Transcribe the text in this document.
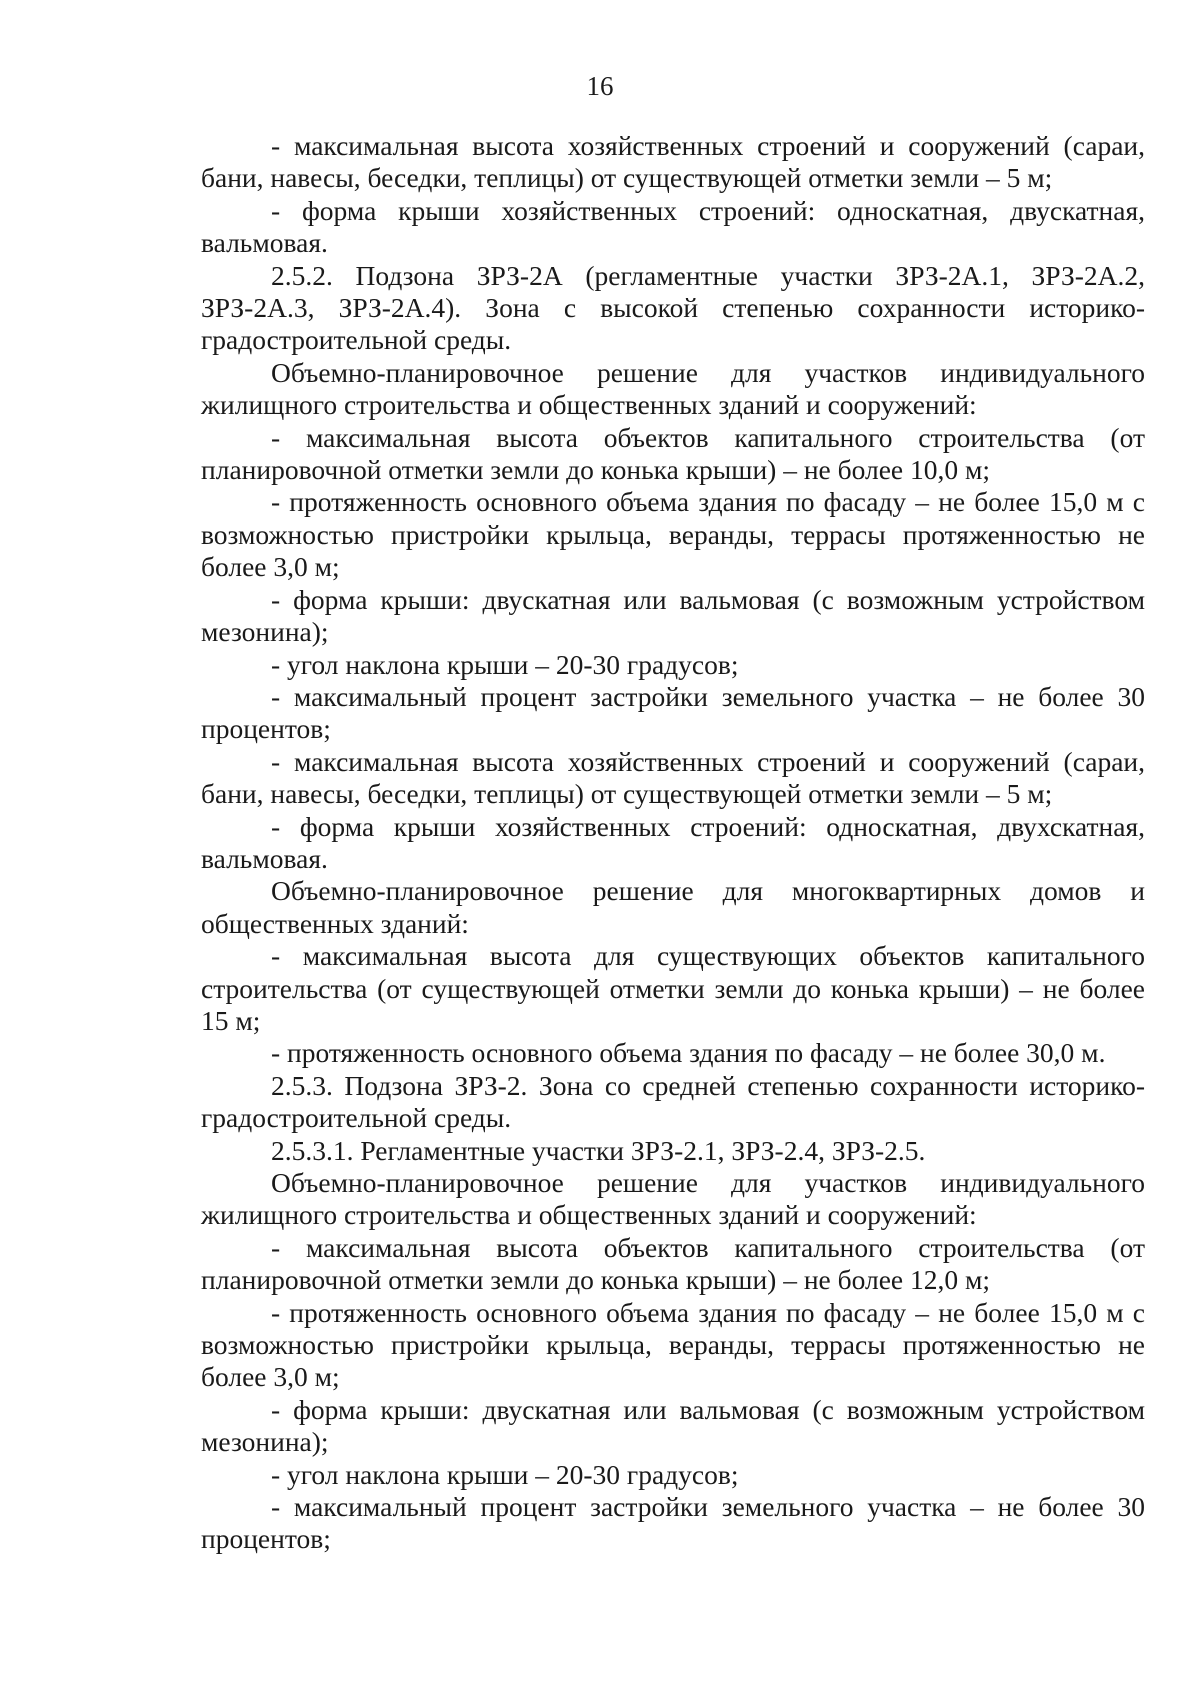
16

- максимальная высота хозяйственных строений и сооружений (сараи, бани, навесы, беседки, теплицы) от существующей отметки земли – 5 м;

- форма крыши хозяйственных строений: односкатная, двускатная, вальмовая.

2.5.2. Подзона ЗРЗ-2А (регламентные участки ЗРЗ-2А.1, ЗРЗ-2А.2, ЗРЗ-2А.3, ЗРЗ-2А.4). Зона с высокой степенью сохранности историко-градостроительной среды.

Объемно-планировочное решение для участков индивидуального жилищного строительства и общественных зданий и сооружений:

- максимальная высота объектов капитального строительства (от планировочной отметки земли до конька крыши) – не более 10,0 м;

- протяженность основного объема здания по фасаду – не более 15,0 м с возможностью пристройки крыльца, веранды, террасы протяженностью не более 3,0 м;

- форма крыши: двускатная или вальмовая (с возможным устройством мезонина);

- угол наклона крыши – 20-30 градусов;

- максимальный процент застройки земельного участка – не более 30 процентов;

- максимальная высота хозяйственных строений и сооружений (сараи, бани, навесы, беседки, теплицы) от существующей отметки земли – 5 м;

- форма крыши хозяйственных строений: односкатная, двухскатная, вальмовая.

Объемно-планировочное решение для многоквартирных домов и общественных зданий:

- максимальная высота для существующих объектов капитального строительства (от существующей отметки земли до конька крыши) – не более 15 м;

- протяженность основного объема здания по фасаду – не более 30,0 м.

2.5.3. Подзона ЗРЗ-2. Зона со средней степенью сохранности историко-градостроительной среды.

2.5.3.1. Регламентные участки ЗРЗ-2.1, ЗРЗ-2.4, ЗРЗ-2.5.

Объемно-планировочное решение для участков индивидуального жилищного строительства и общественных зданий и сооружений:

- максимальная высота объектов капитального строительства (от планировочной отметки земли до конька крыши) – не более 12,0 м;

- протяженность основного объема здания по фасаду – не более 15,0 м с возможностью пристройки крыльца, веранды, террасы протяженностью не более 3,0 м;

- форма крыши: двускатная или вальмовая (с возможным устройством мезонина);

- угол наклона крыши – 20-30 градусов;

- максимальный процент застройки земельного участка – не более 30 процентов;
